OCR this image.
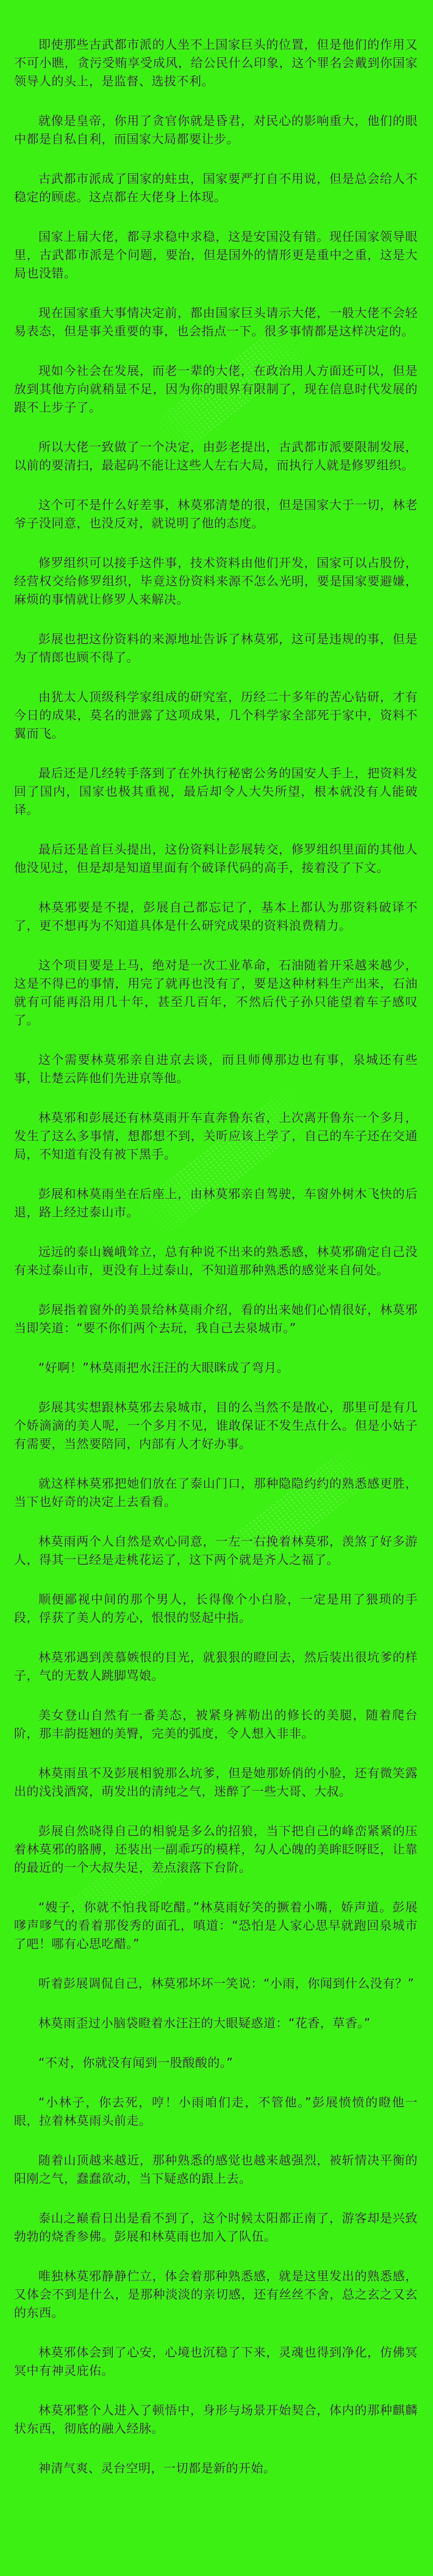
即使那些古武都市派的人坐不上国家巨头的位置，但是他们的作用又不可小瞧，贪污受贿享受成风，给公民什么印象，这个罪名会戴到你国家领导人的头上，是监督、选拔不利。

就像是皇帝，你用了贪官你就是昏君，对民心的影响重大，他们的眼中都是自私自利，而国家大局都要让步。

古武都市派成了国家的蛀虫，国家要严打自不用说，但是总会给人不稳定的顾虑。这点都在大佬身上体现。

国家上届大佬，都寻求稳中求稳，这是安国没有错。现任国家领导眼里，古武都市派是个问题，要治，但是国外的情形更是重中之重，这是大局也没错。

现在国家重大事情决定前，都由国家巨头请示大佬，一般大佬不会轻易表态，但是事关重要的事，也会指点一下。很多事情都是这样决定的。

现如今社会在发展，而老一辈的大佬，在政治用人方面还可以，但是放到其他方向就稍显不足，因为你的眼界有限制了，现在信息时代发展的跟不上步子了。

所以大佬一致做了一个决定，由彭老提出，古武都市派要限制发展，以前的要清扫，最起码不能让这些人左右大局，而执行人就是修罗组织。

这个可不是什么好差事，林莫邪清楚的很，但是国家大于一切，林老爷子没同意，也没反对，就说明了他的态度。

修罗组织可以接手这件事，技术资料由他们开发，国家可以占股份，经营权交给修罗组织，毕竟这份资料来源不怎么光明，要是国家要避嫌，麻烦的事情就让修罗人来解决。

彭展也把这份资料的来源地址告诉了林莫邪，这可是违规的事，但是为了情郎也顾不得了。

由犹太人顶级科学家组成的研究室，历经二十多年的苦心钻研，才有今日的成果，莫名的泄露了这项成果，几个科学家全部死于家中，资料不翼而飞。

最后还是几经转手落到了在外执行秘密公务的国安人手上，把资料发回了国内，国家也极其重视，最后却令人大失所望，根本就没有人能破译。

最后还是首巨头提出，这份资料让彭展转交，修罗组织里面的其他人他没见过，但是却是知道里面有个破译代码的高手，接着没了下文。

林莫邪要是不提，彭展自己都忘记了，基本上都认为那资料破译不了，更不想再为不知道具体是什么研究成果的资料浪费精力。

这个项目要是上马，绝对是一次工业革命，石油随着开采越来越少，这是不得已的事情，用完了就再也没有了，要是这种材料生产出来，石油就有可能再沿用几十年，甚至几百年，不然后代子孙只能望着车子感叹了。

这个需要林莫邪亲自进京去谈，而且师傅那边也有事，泉城还有些事，让楚云阵他们先进京等他。

林莫邪和彭展还有林莫雨开车直奔鲁东省，上次离开鲁东一个多月，发生了这么多事情，想都想不到，关昕应该上学了，自己的车子还在交通局，不知道有没有被下黑手。

彭展和林莫雨坐在后座上，由林莫邪亲自驾驶，车窗外树木飞快的后退，路上经过泰山市。

远远的泰山巍峨耸立，总有种说不出来的熟悉感，林莫邪确定自己没有来过泰山市，更没有上过泰山，不知道那种熟悉的感觉来自何处。

彭展指着窗外的美景给林莫雨介绍，看的出来她们心情很好，林莫邪当即笑道：“要不你们两个去玩，我自己去泉城市。”

“好啊！”林莫雨把水汪汪的大眼眯成了弯月。

彭展其实想跟林莫邪去泉城市，目的么当然不是散心，那里可是有几个娇滴滴的美人呢，一个多月不见，谁敢保证不发生点什么。但是小姑子有需要，当然要陪同，内部有人才好办事。

就这样林莫邪把她们放在了泰山门口，那种隐隐约约的熟悉感更胜，当下也好奇的决定上去看看。

林莫雨两个人自然是欢心同意，一左一右挽着林莫邪，羡煞了好多游人，得其一已经是走桃花运了，这下两个就是齐人之福了。

顺便鄙视中间的那个男人，长得像个小白脸，一定是用了猥琐的手段，俘获了美人的芳心，恨恨的竖起中指。

林莫邪遇到羡慕嫉恨的目光，就狠狠的瞪回去，然后装出很坑爹的样子，气的无数人跳脚骂娘。

美女登山自然有一番美态，被紧身裤勒出的修长的美腿，随着爬台阶，那丰韵挺翘的美臀，完美的弧度，令人想入非非。

林莫雨虽不及彭展相貌那么坑爹，但是她那娇俏的小脸，还有微笑露出的浅浅酒窝，萌发出的清纯之气，迷醉了一些大哥、大叔。

彭展自然晓得自己的相貌是多么的招狼，当下把自己的峰峦紧紧的压着林莫邪的胳膊，还装出一副乖巧的模样，勾人心魄的美眸眨呀眨，让靠的最近的一个大叔失足，差点滚落下台阶。

“嫂子，你就不怕我哥吃醋。”林莫雨好笑的撅着小嘴，娇声道。彭展嗲声嗲气的看着那俊秀的面孔，嗔道：“恐怕是人家心思早就跑回泉城市了吧！哪有心思吃醋。”

听着彭展调侃自己，林莫邪坏坏一笑说：“小雨，你闻到什么没有？”

林莫雨歪过小脑袋瞪着水汪汪的大眼疑惑道：“花香，草香。”

“不对，你就没有闻到一股酸酸的。”

“小林子，你去死，哼！小雨咱们走，不管他。”彭展愤愤的瞪他一眼，拉着林莫雨头前走。

随着山顶越来越近，那种熟悉的感觉也越来越强烈，被斩情决平衡的阳刚之气，蠢蠢欲动，当下疑惑的跟上去。

泰山之巅看日出是看不到了，这个时候太阳都正南了，游客却是兴致勃勃的烧香参佛。彭展和林莫雨也加入了队伍。

唯独林莫邪静静伫立，体会着那种熟悉感，就是这里发出的熟悉感，又体会不到是什么，是那种淡淡的亲切感，还有丝丝不舍，总之玄之又玄的东西。

林莫邪体会到了心安，心境也沉稳了下来，灵魂也得到净化，仿佛冥冥中有神灵庇佑。

林莫邪整个人进入了顿悟中，身形与场景开始契合，体内的那种麒麟状东西，彻底的融入经脉。

神清气爽、灵台空明，一切都是新的开始。
